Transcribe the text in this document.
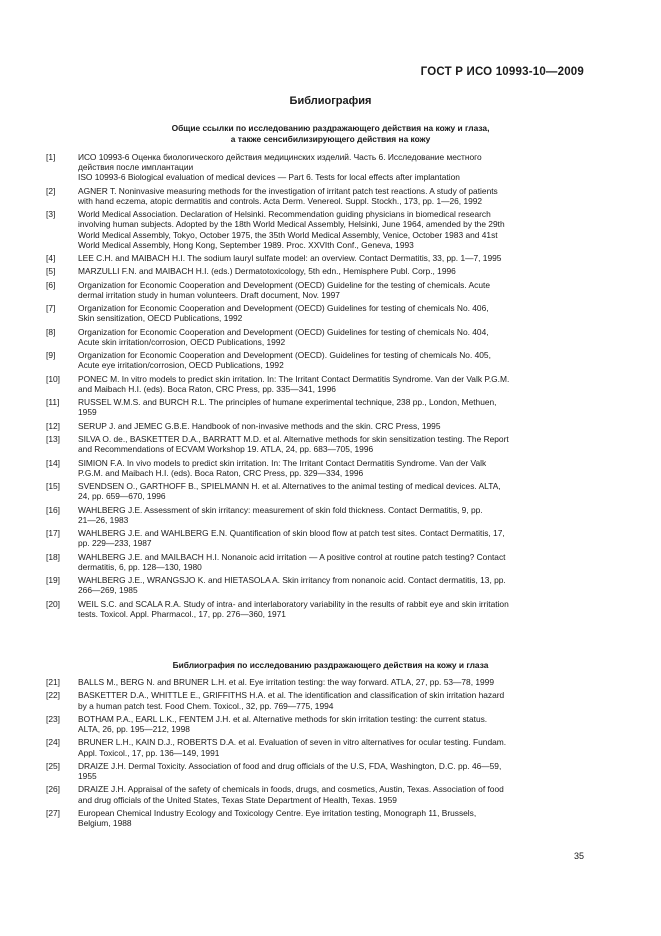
ГОСТ Р ИСО 10993-10—2009
Библиография
Общие ссылки по исследованию раздражающего действия на кожу и глаза,
а также сенсибилизирующего действия на кожу
[1]	ИСО 10993-6 Оценка биологического действия медицинских изделий. Часть 6. Исследование местного
действия после имплантации
ISO 10993-6 Biological evaluation of medical devices — Part 6. Tests for local effects after implantation
[2]	AGNER T. Noninvasive measuring methods for the investigation of irritant patch test reactions. A study of patients
with hand eczema, atopic dermatitis and controls. Acta Derm. Venereol. Suppl. Stockh., 173, pp. 1—26, 1992
[3]	World Medical Association. Declaration of Helsinki. Recommendation guiding physicians in biomedical research
involving human subjects. Adopted by the 18th World Medical Assembly, Helsinki, June 1964, amended by the 29th
World Medical Assembly, Tokyo, October 1975, the 35th World Medical Assembly, Venice, October 1983 and 41st
World Medical Assembly, Hong Kong, September 1989. Proc. XXVIth Conf., Geneva, 1993
[4]	LEE C.H. and MAIBACH H.I. The sodium lauryl sulfate model: an overview. Contact Dermatitis, 33, pp. 1—7, 1995
[5]	MARZULLI F.N. and MAIBACH H.I. (eds.) Dermatotoxicology, 5th edn., Hemisphere Publ. Corp., 1996
[6]	Organization for Economic Cooperation and Development (OECD) Guideline for the testing of chemicals. Acute
dermal irritation study in human volunteers. Draft document, Nov. 1997
[7]	Organization for Economic Cooperation and Development (OECD) Guidelines for testing of chemicals No. 406,
Skin sensitization, OECD Publications, 1992
[8]	Organization for Economic Cooperation and Development (OECD) Guidelines for testing of chemicals No. 404,
Acute skin irritation/corrosion, OECD Publications, 1992
[9]	Organization for Economic Cooperation and Development (OECD). Guidelines for testing of chemicals No. 405,
Acute eye irritation/corrosion, OECD Publications, 1992
[10] PONEC M. In vitro models to predict skin irritation. In: The Irritant Contact Dermatitis Syndrome. Van der Valk P.G.M.
and Maibach H.I. (eds). Boca Raton, CRC Press, pp. 335—341, 1996
[11] RUSSEL W.M.S. and BURCH R.L. The principles of humane experimental technique, 238 pp., London, Methuen,
1959
[12] SERUP J. and JEMEC G.B.E. Handbook of non-invasive methods and the skin. CRC Press, 1995
[13] SILVA O. de., BASKETTER D.A., BARRATT M.D. et al. Alternative methods for skin sensitization testing. The Report
and Recommendations of ECVAM Workshop 19. ATLA, 24, pp. 683—705, 1996
[14] SIMION F.A. In vivo models to predict skin irritation. In: The Irritant Contact Dermatitis Syndrome. Van der Valk
P.G.M. and Maibach H.I. (eds). Boca Raton, CRC Press, pp. 329—334, 1996
[15] SVENDSEN O., GARTHOFF B., SPIELMANN H. et al. Alternatives to the animal testing of medical devices. ALTA,
24, pp. 659—670, 1996
[16] WAHLBERG J.E. Assessment of skin irritancy: measurement of skin fold thickness. Contact Dermatitis, 9, pp.
21—26, 1983
[17] WAHLBERG J.E. and WAHLBERG E.N. Quantification of skin blood flow at patch test sites. Contact Dermatitis, 17,
pp. 229—233, 1987
[18] WAHLBERG J.E. and MAILBACH H.I. Nonanoic acid irritation — A positive control at routine patch testing? Contact
dermatitis, 6, pp. 128—130, 1980
[19] WAHLBERG J.E., WRANGSJO K. and HIETASOLA A. Skin irritancy from nonanoic acid. Contact dermatitis, 13, pp.
266—269, 1985
[20] WEIL S.C. and SCALA R.A. Study of intra- and interlaboratory variability in the results of rabbit eye and skin irritation
tests. Toxicol. Appl. Pharmacol., 17, pp. 276—360, 1971
Библиография по исследованию раздражающего действия на кожу и глаза
[21] BALLS M., BERG N. and BRUNER L.H. et al. Eye irritation testing: the way forward. ATLA, 27, pp. 53—78, 1999
[22] BASKETTER D.A., WHITTLE E., GRIFFITHS H.A. et al. The identification and classification of skin irritation hazard
by a human patch test. Food Chem. Toxicol., 32, pp. 769—775, 1994
[23] BOTHAM P.A., EARL L.K., FENTEM J.H. et al. Alternative methods for skin irritation testing: the current status.
ALTA, 26, pp. 195—212, 1998
[24] BRUNER L.H., KAIN D.J., ROBERTS D.A. et al. Evaluation of seven in vitro alternatives for ocular testing. Fundam.
Appl. Toxicol., 17, pp. 136—149, 1991
[25] DRAIZE J.H. Dermal Toxicity. Association of food and drug officials of the U.S, FDA, Washington, D.C. pp. 46—59,
1955
[26] DRAIZE J.H. Appraisal of the safety of chemicals in foods, drugs, and cosmetics, Austin, Texas. Association of food
and drug officials of the United States, Texas State Department of Health, Texas. 1959
[27] European Chemical Industry Ecology and Toxicology Centre. Eye irritation testing, Monograph 11, Brussels,
Belgium, 1988
35
